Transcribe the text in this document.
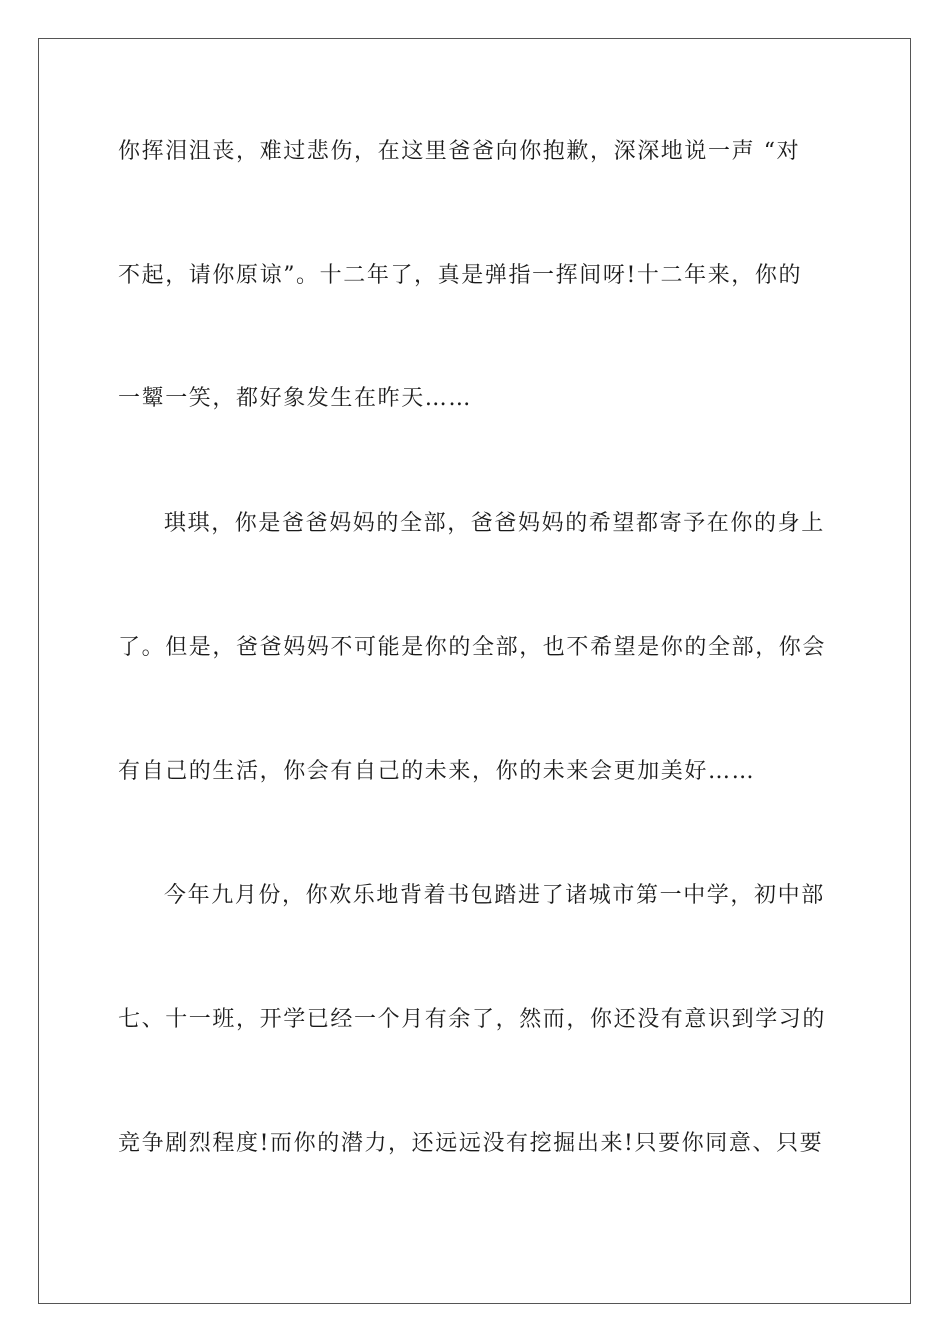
你挥泪沮丧，难过悲伤，在这里爸爸向你抱歉，深深地说一声 “对

不起，请你原谅”。十二年了，真是弹指一挥间呀!十二年来，你的

一颦一笑，都好象发生在昨天……

琪琪，你是爸爸妈妈的全部，爸爸妈妈的希望都寄予在你的身上

了。但是，爸爸妈妈不可能是你的全部，也不希望是你的全部，你会

有自己的生活，你会有自己的未来，你的未来会更加美好……

今年九月份，你欢乐地背着书包踏进了诸城市第一中学，初中部

七、十一班，开学已经一个月有余了，然而，你还没有意识到学习的

竞争剧烈程度!而你的潜力，还远远没有挖掘出来!只要你同意、只要
